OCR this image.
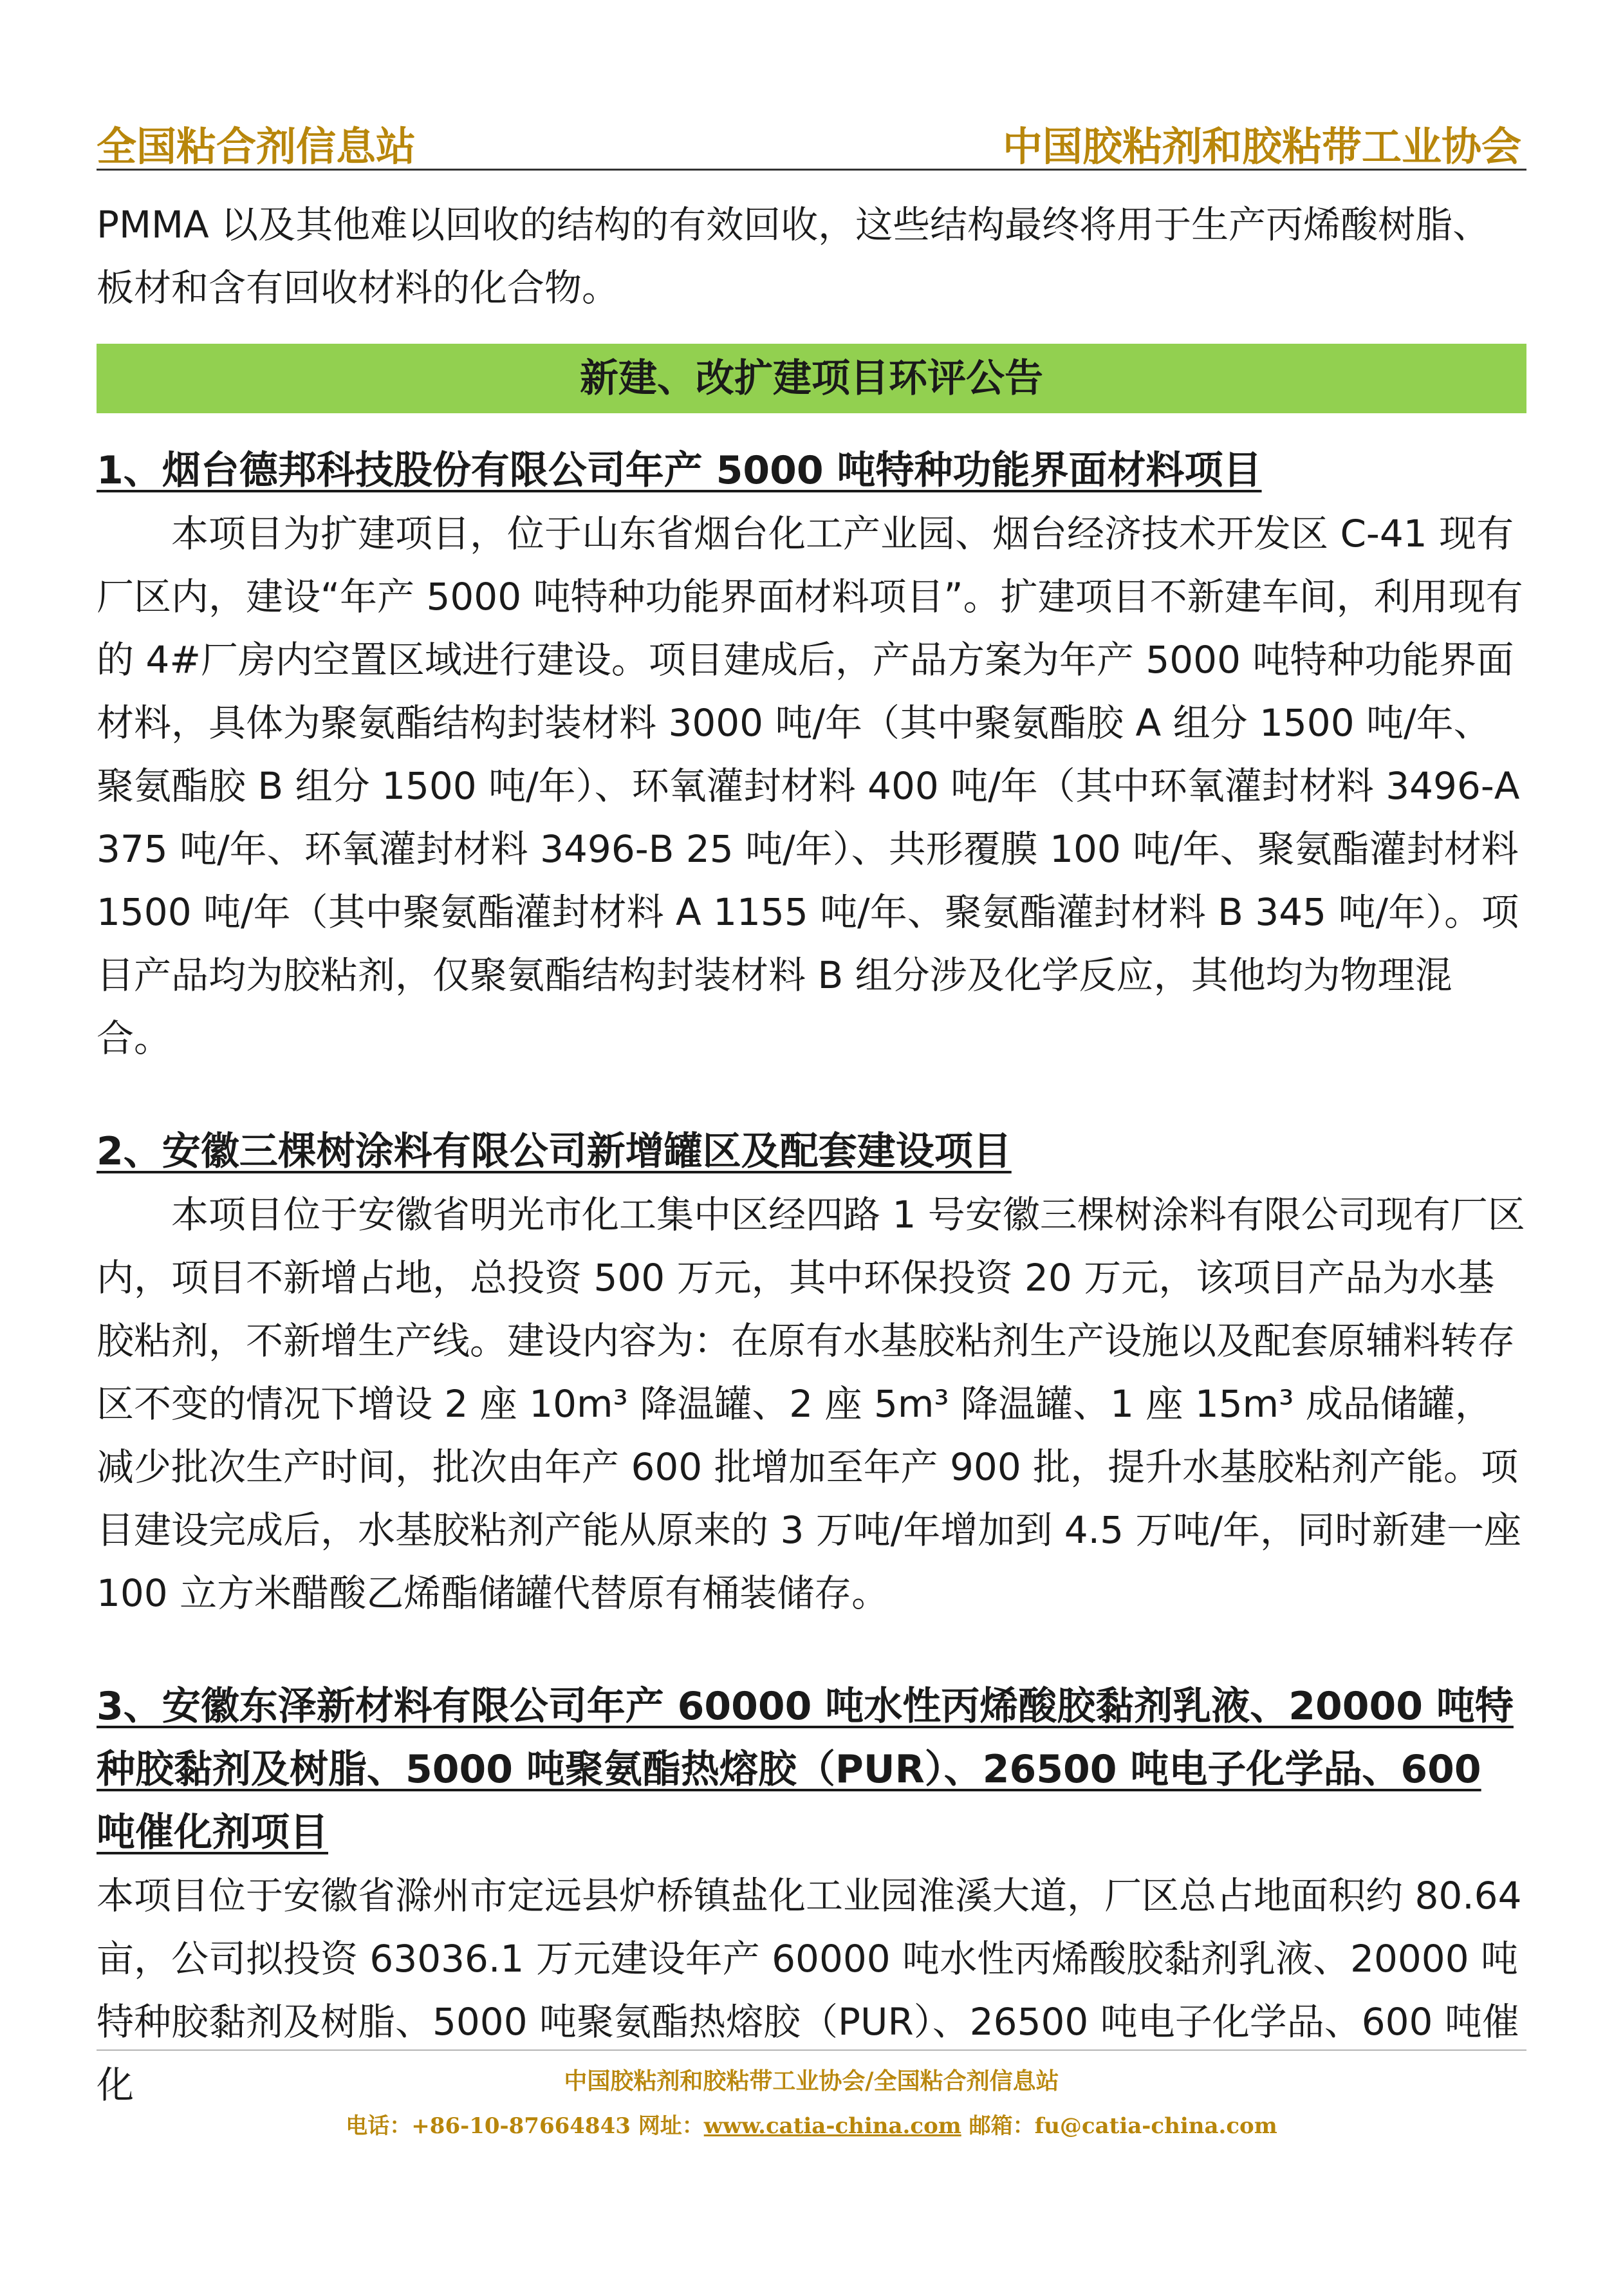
全国粘合剂信息站	中国胶粘剂和胶粘带工业协会

PMMA 以及其他难以回收的结构的有效回收，这些结构最终将用于生产丙烯酸树脂、板材和含有回收材料的化合物。

新建、改扩建项目环评公告

1、烟台德邦科技股份有限公司年产 5000 吨特种功能界面材料项目

本项目为扩建项目，位于山东省烟台化工产业园、烟台经济技术开发区 C-41 现有厂区内，建设“年产 5000 吨特种功能界面材料项目”。扩建项目不新建车间，利用现有的 4#厂房内空置区域进行建设。项目建成后，产品方案为年产 5000 吨特种功能界面材料，具体为聚氨酯结构封装材料 3000 吨/年（其中聚氨酯胶 A 组分 1500 吨/年、聚氨酯胶 B 组分 1500 吨/年）、环氧灌封材料 400 吨/年（其中环氧灌封材料 3496-A 375 吨/年、环氧灌封材料 3496-B 25 吨/年）、共形覆膜 100 吨/年、聚氨酯灌封材料 1500 吨/年（其中聚氨酯灌封材料 A 1155 吨/年、聚氨酯灌封材料 B 345 吨/年）。项目产品均为胶粘剂，仅聚氨酯结构封装材料 B 组分涉及化学反应，其他均为物理混合。

2、安徽三棵树涂料有限公司新增罐区及配套建设项目

本项目位于安徽省明光市化工集中区经四路 1 号安徽三棵树涂料有限公司现有厂区内，项目不新增占地，总投资 500 万元，其中环保投资 20 万元，该项目产品为水基胶粘剂，不新增生产线。建设内容为：在原有水基胶粘剂生产设施以及配套原辅料转存区不变的情况下增设 2 座 10m³ 降温罐、2 座 5m³ 降温罐、1 座 15m³ 成品储罐，减少批次生产时间，批次由年产 600 批增加至年产 900 批，提升水基胶粘剂产能。项目建设完成后，水基胶粘剂产能从原来的 3 万吨/年增加到 4.5 万吨/年，同时新建一座 100 立方米醋酸乙烯酯储罐代替原有桶装储存。

3、安徽东泽新材料有限公司年产 60000 吨水性丙烯酸胶黏剂乳液、20000 吨特种胶黏剂及树脂、5000 吨聚氨酯热熔胶（PUR）、26500 吨电子化学品、600 吨催化剂项目

本项目位于安徽省滁州市定远县炉桥镇盐化工业园淮溪大道，厂区总占地面积约 80.64 亩，公司拟投资 63036.1 万元建设年产 60000 吨水性丙烯酸胶黏剂乳液、20000 吨特种胶黏剂及树脂、5000 吨聚氨酯热熔胶（PUR）、26500 吨电子化学品、600 吨催化	中国胶粘剂和胶粘带工业协会/全国粘合剂信息站
电话：+86-10-87664843 网址：www.catia-china.com 邮箱：fu@catia-china.com
